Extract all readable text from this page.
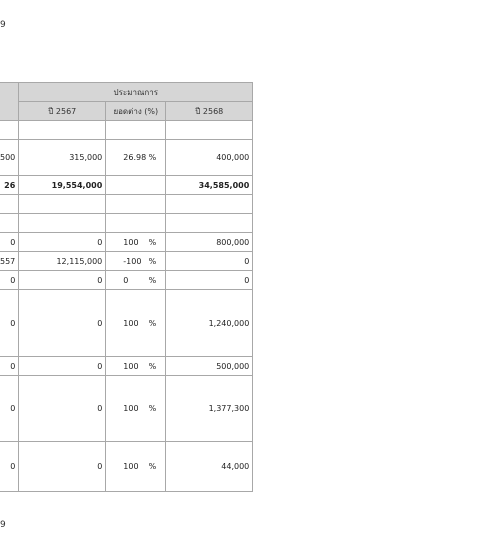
9
	ประมาณการ		
	ปี 2567	ยอดต่าง (%)	ปี 2568

500	315,000	26.98 %	400,000
26	19,554,000		34,585,000

0	0	100 %	800,000
557	12,115,000	-100 %	0
0	0	0 %	0
0	0	100 %	1,240,000
0	0	100 %	500,000
0	0	100 %	1,377,300
0	0	100 %	44,000
9
